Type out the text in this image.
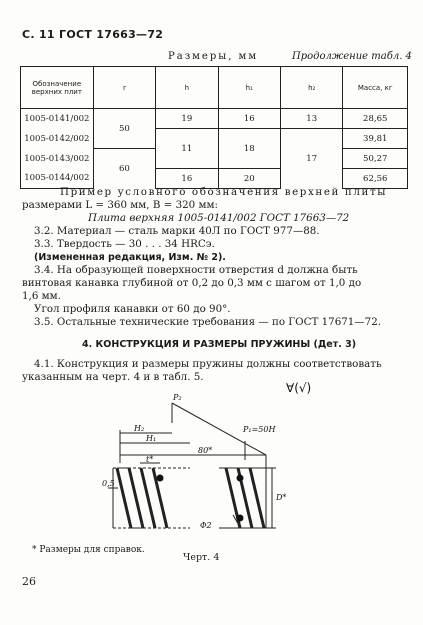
С. 11 ГОСТ 17663—72
Размеры, мм	Продолжение табл. 4
Обозначение верхних плит	r	h	h₁	h₂	Масса, кг
1005-0141/002	50	19	16	13	28,65
1005-0142/002		11	18	17	39,81
1005-0143/002	60				50,27
1005-0144/002		16	20		62,56
Пример условного обозначения верхней плиты
размерами L = 360 мм, B = 320 мм:
Плита верхняя 1005-0141/002 ГОСТ 17663—72
3.2. Материал — сталь марки 40Л по ГОСТ 977—88.
3.3. Твердость — 30 . . . 34 HRCэ.
(Измененная редакция, Изм. № 2).
3.4. На образующей поверхности отверстия d должна быть
винтовая канавка глубиной от 0,2 до 0,3 мм с шагом от 1,0 до
1,6 мм.
Угол профиля канавки от 60 до 90°.
3.5. Остальные технические требования — по ГОСТ 17671—72.
4. КОНСТРУКЦИЯ И РАЗМЕРЫ ПРУЖИНЫ (Дет. 3)
4.1. Конструкция и размеры пружины должны соответствовать
указанным на черт. 4 и в табл. 5.
P₂
P₁=50H
H₂
H₁
80*
t*
0,5
Φ2
D*
∀(√)
* Размеры для справок.
Черт. 4
26
